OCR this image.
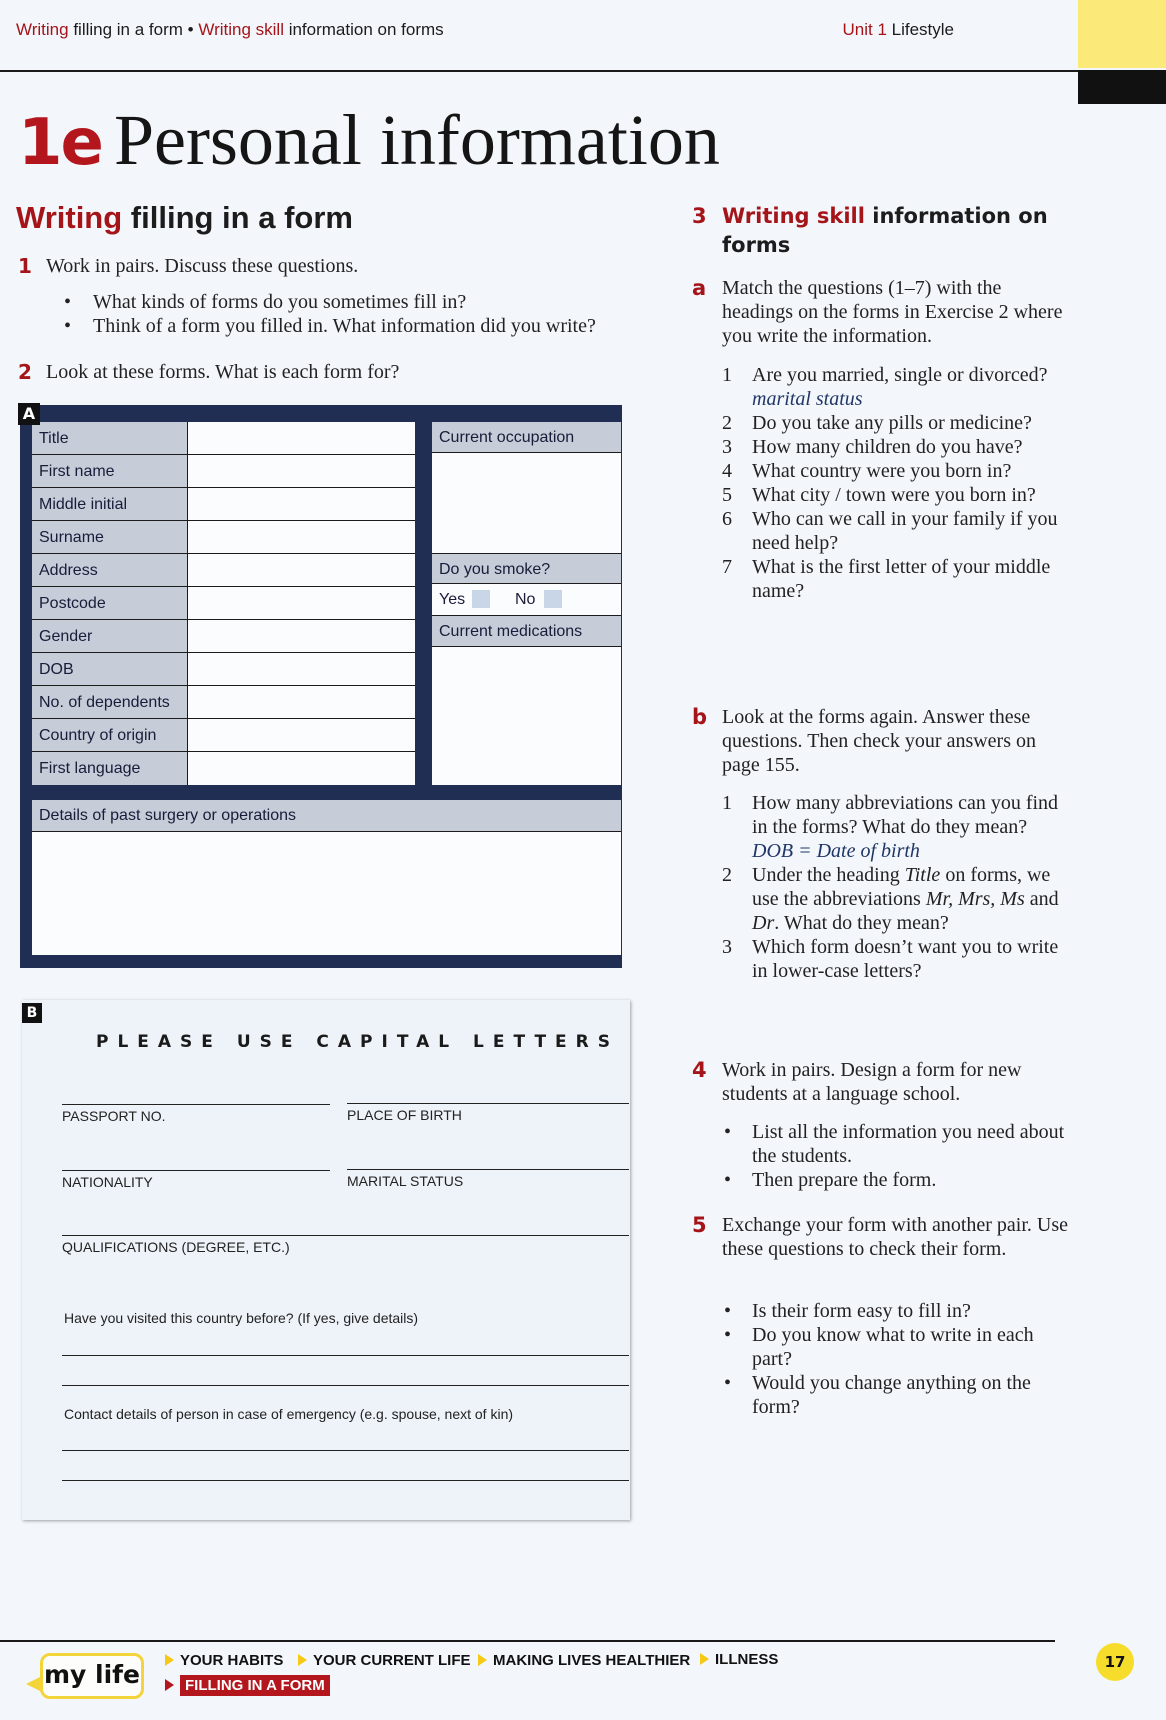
Writing filling in a form • Writing skill information on forms	Unit 1 Lifestyle
1e Personal information
Writing filling in a form
1 Work in pairs. Discuss these questions.
• What kinds of forms do you sometimes fill in?
• Think of a form you filled in. What information did you write?
2 Look at these forms. What is each form for?
Title
First name
Middle initial
Surname
Address
Postcode
Gender
DOB
No. of dependents
Country of origin
First language
Current occupation
Do you smoke?
Yes	No
Current medications
Details of past surgery or operations
A
B
PLEASE USE CAPITAL LETTERS
PASSPORT NO.	PLACE OF BIRTH
NATIONALITY	MARITAL STATUS
QUALIFICATIONS (DEGREE, ETC.)
Have you visited this country before? (If yes, give details)
Contact details of person in case of emergency (e.g. spouse, next of kin)
3 Writing skill information on forms
a Match the questions (1–7) with the headings on the forms in Exercise 2 where you write the information.
1 Are you married, single or divorced? marital status
2 Do you take any pills or medicine?
3 How many children do you have?
4 What country were you born in?
5 What city / town were you born in?
6 Who can we call in your family if you need help?
7 What is the first letter of your middle name?
b Look at the forms again. Answer these questions. Then check your answers on page 155.
1 How many abbreviations can you find in the forms? What do they mean?
DOB = Date of birth
2 Under the heading Title on forms, we use the abbreviations Mr, Mrs, Ms and Dr. What do they mean?
3 Which form doesn’t want you to write in lower-case letters?
4 Work in pairs. Design a form for new students at a language school.
• List all the information you need about the students.
• Then prepare the form.
5 Exchange your form with another pair. Use these questions to check their form.
• Is their form easy to fill in?
• Do you know what to write in each part?
• Would you change anything on the form?
my life	YOUR HABITS	YOUR CURRENT LIFE	MAKING LIVES HEALTHIER	ILLNESS
FILLING IN A FORM
17
